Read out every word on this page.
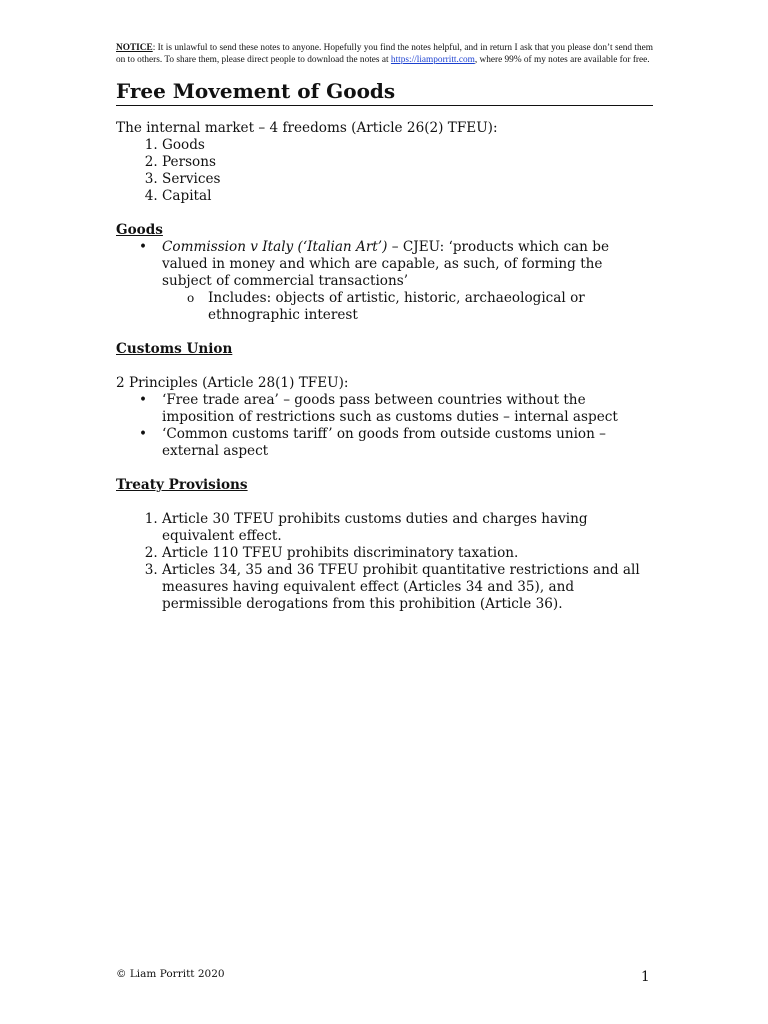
NOTICE: It is unlawful to send these notes to anyone. Hopefully you find the notes helpful, and in return I ask that you please don’t send them on to others. To share them, please direct people to download the notes at https://liamporritt.com, where 99% of my notes are available for free.

Free Movement of Goods

The internal market – 4 freedoms (Article 26(2) TFEU):

1. Goods
2. Persons
3. Services
4. Capital

Goods

• Commission v Italy (‘Italian Art’) – CJEU: ‘products which can be valued in money and which are capable, as such, of forming the subject of commercial transactions’
o Includes: objects of artistic, historic, archaeological or ethnographic interest

Customs Union

2 Principles (Article 28(1) TFEU):

• ‘Free trade area’ – goods pass between countries without the imposition of restrictions such as customs duties – internal aspect
• ‘Common customs tariff’ on goods from outside customs union – external aspect

Treaty Provisions

1. Article 30 TFEU prohibits customs duties and charges having equivalent effect.
2. Article 110 TFEU prohibits discriminatory taxation.
3. Articles 34, 35 and 36 TFEU prohibit quantitative restrictions and all measures having equivalent effect (Articles 34 and 35), and permissible derogations from this prohibition (Article 36).
© Liam Porritt 2020	1
